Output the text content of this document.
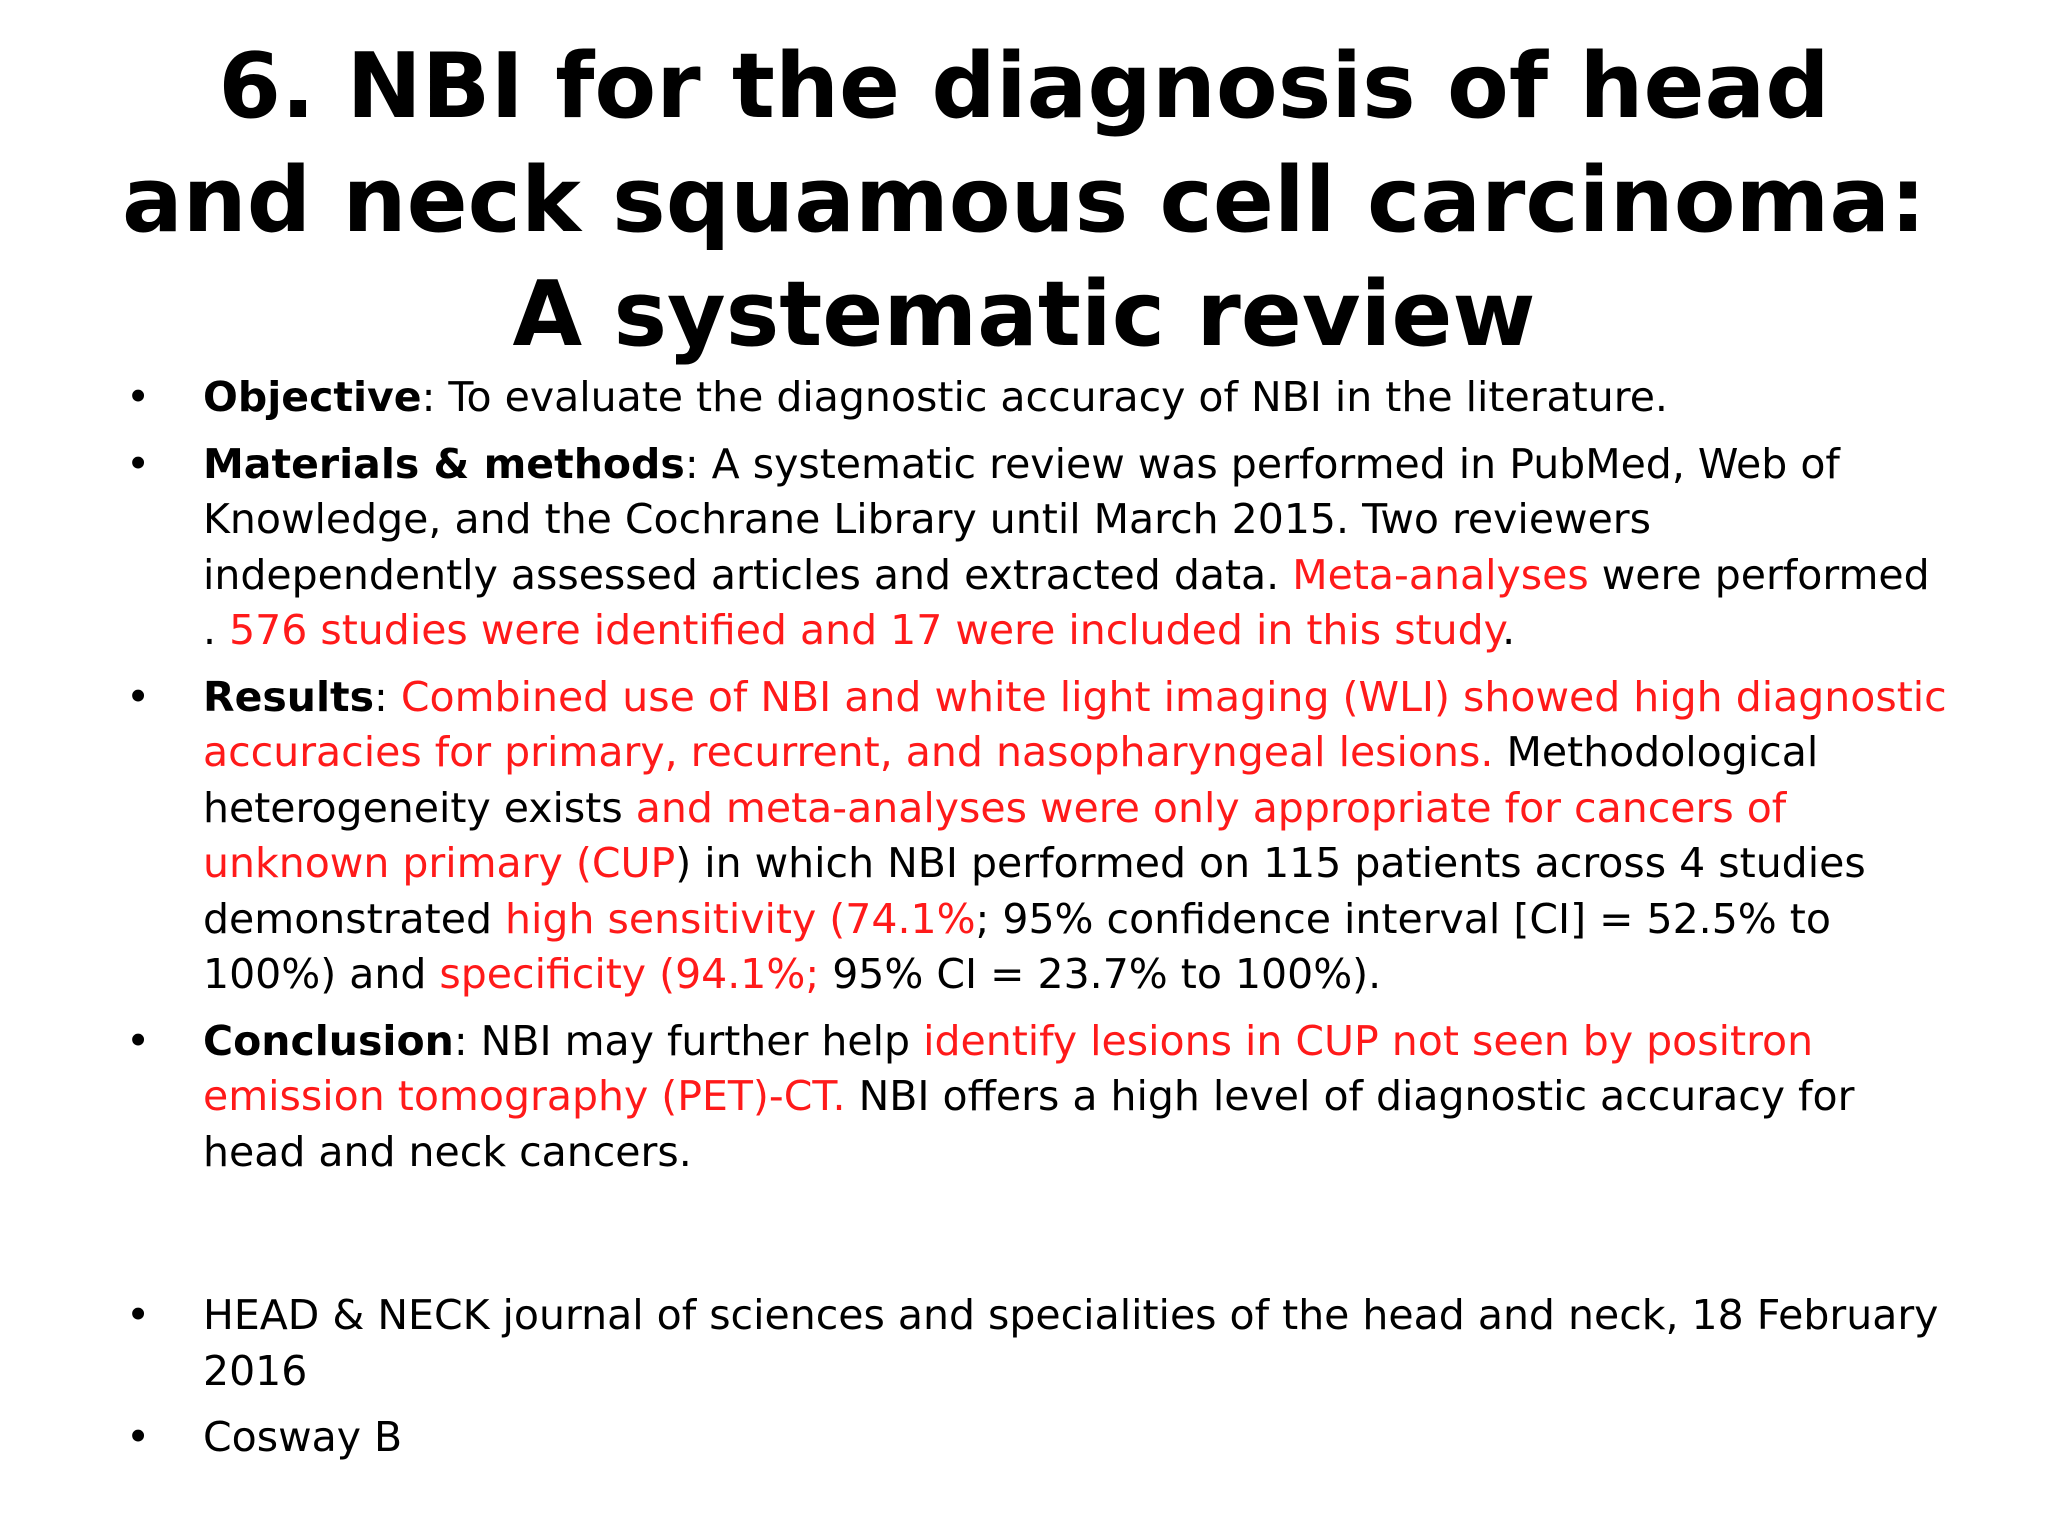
6. NBI for the diagnosis of head and neck squamous cell carcinoma: A systematic review
• Objective: To evaluate the diagnostic accuracy of NBI in the literature.
• Materials & methods: A systematic review was performed in PubMed, Web of Knowledge, and the Cochrane Library until March 2015. Two reviewers independently assessed articles and extracted data. Meta-analyses were performed . 576 studies were identified and 17 were included in this study.
• Results: Combined use of NBI and white light imaging (WLI) showed high diagnostic accuracies for primary, recurrent, and nasopharyngeal lesions. Methodological heterogeneity exists and meta-analyses were only appropriate for cancers of unknown primary (CUP) in which NBI performed on 115 patients across 4 studies demonstrated high sensitivity (74.1%; 95% confidence interval [CI] = 52.5% to 100%) and specificity (94.1%; 95% CI = 23.7% to 100%).
• Conclusion: NBI may further help identify lesions in CUP not seen by positron emission tomography (PET)-CT. NBI offers a high level of diagnostic accuracy for head and neck cancers.
• HEAD & NECK journal of sciences and specialities of the head and neck, 18 February 2016
• Cosway B
